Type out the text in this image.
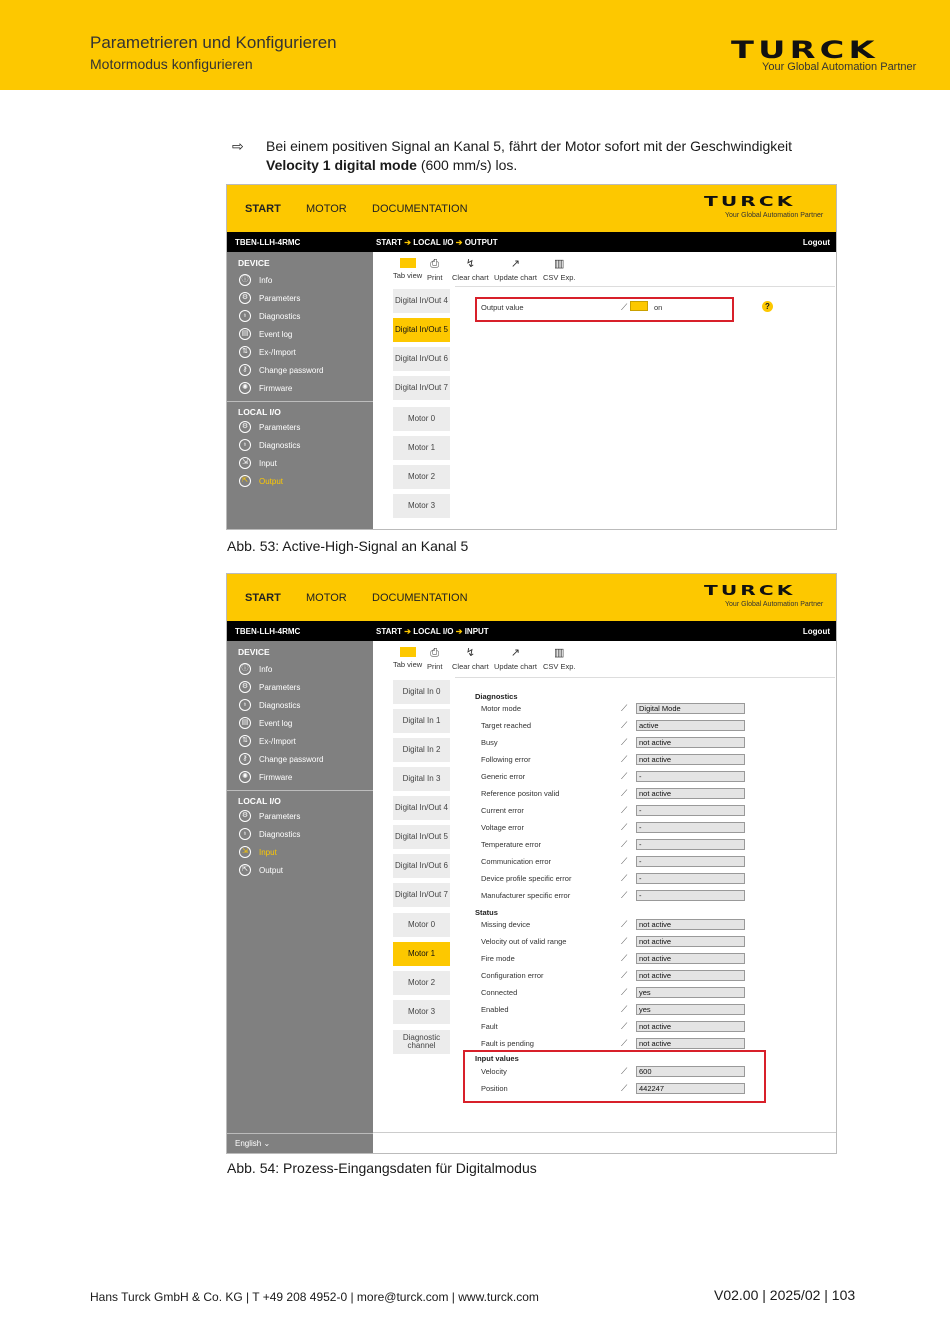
Parametrieren und Konfigurieren
Motormodus konfigurieren	TURCK
Your Global Automation Partner
⇨ Bei einem positiven Signal an Kanal 5, fährt der Motor sofort mit der Geschwindigkeit Velocity 1 digital mode (600 mm/s) los.
START MOTOR DOCUMENTATION	TURCK
Your Global Automation Partner
TBEN-LLH-4RMC	START ➔ LOCAL I/O ➔ OUTPUT	Logout
DEVICE
ⓘ	Info
⚙	Parameters
♁	Diagnostics
▤	Event log
⇅	Ex-/Import
⚷	Change password
✺	Firmware
LOCAL I/O
⚙	Parameters
♁	Diagnostics
⇲	Input
⇱	Output
Tab view
⎙
Print
↯
Clear chart
↗
Update chart
▥
CSV Exp.
Digital In/Out 4
Digital In/Out 5
Digital In/Out 6
Digital In/Out 7
Motor 0
Motor 1
Motor 2
Motor 3
Output value	⟋	on	?
Abb. 53: Active-High-Signal an Kanal 5
START MOTOR DOCUMENTATION	TURCK
Your Global Automation Partner
TBEN-LLH-4RMC	START ➔ LOCAL I/O ➔ INPUT	Logout
DEVICE
ⓘ	Info
⚙	Parameters
♁	Diagnostics
▤	Event log
⇅	Ex-/Import
⚷	Change password
✺	Firmware
LOCAL I/O
⚙	Parameters
♁	Diagnostics
⇲	Input
⇱	Output
Tab view
⎙
Print
↯
Clear chart
↗
Update chart
▥
CSV Exp.
Digital In 0
Digital In 1
Digital In 2
Digital In 3
Digital In/Out 4
Digital In/Out 5
Digital In/Out 6
Digital In/Out 7
Motor 0
Motor 1
Motor 2
Motor 3
Diagnostic channel
Diagnostics
Motor mode	⟋	Digital Mode
Target reached	⟋	active
Busy	⟋	not active
Following error	⟋	not active
Generic error	⟋	-
Reference positon valid	⟋	not active
Current error	⟋	-
Voltage error	⟋	-
Temperature error	⟋	-
Communication error	⟋	-
Device profile specific error	⟋	-
Manufacturer specific error	⟋	-
Status
Missing device	⟋	not active
Velocity out of valid range	⟋	not active
Fire mode	⟋	not active
Configuration error	⟋	not active
Connected	⟋	yes
Enabled	⟋	yes
Fault	⟋	not active
Fault is pending	⟋	not active
Input values
Velocity	⟋	600
Position	⟋	442247
English ⌄
Abb. 54: Prozess-Eingangsdaten für Digitalmodus
Hans Turck GmbH & Co. KG | T +49 208 4952-0 | more@turck.com | www.turck.com	V02.00 | 2025/02 | 103
